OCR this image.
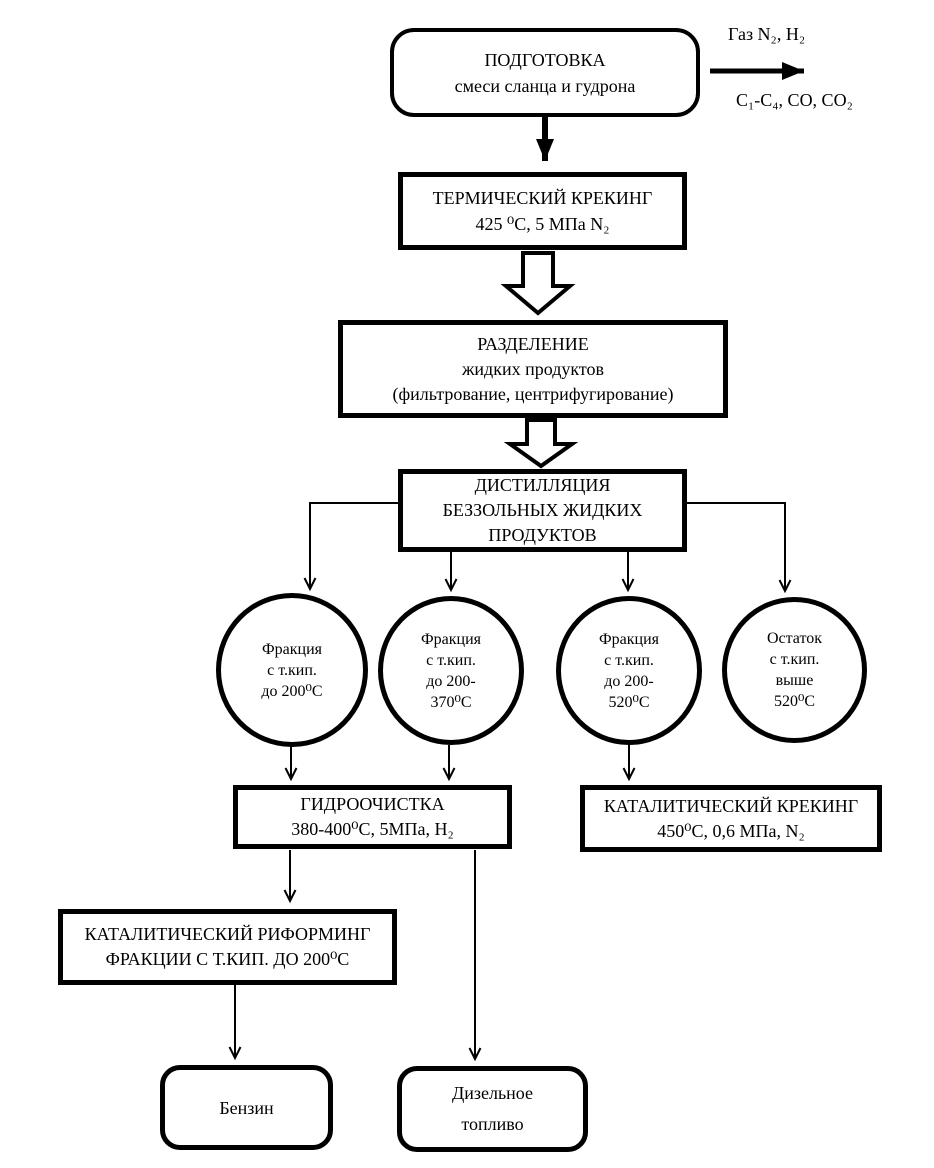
Газ N₂, H₂
C₁-C₄, CO, CO₂
ПОДГОТОВКА
смеси сланца и гудрона
ТЕРМИЧЕСКИЙ КРЕКИНГ
425 ⁰С, 5 МПа N₂
РАЗДЕЛЕНИЕ
жидких продуктов
(фильтрование, центрифугирование)
ДИСТИЛЛЯЦИЯ
БЕЗЗОЛЬНЫХ ЖИДКИХ
ПРОДУКТОВ
Фракция
с т.кип.
до 200⁰С
Фракция
с т.кип.
до 200-
370⁰С
Фракция
с т.кип.
до 200-
520⁰С
Остаток
с т.кип.
выше
520⁰С
ГИДРООЧИСТКА
380-400⁰С, 5МПа, H₂
КАТАЛИТИЧЕСКИЙ КРЕКИНГ
450⁰С, 0,6 МПа, N₂
КАТАЛИТИЧЕСКИЙ РИФОРМИНГ
ФРАКЦИИ С Т.КИП. ДО 200⁰С
Бензин
Дизельное
топливо
